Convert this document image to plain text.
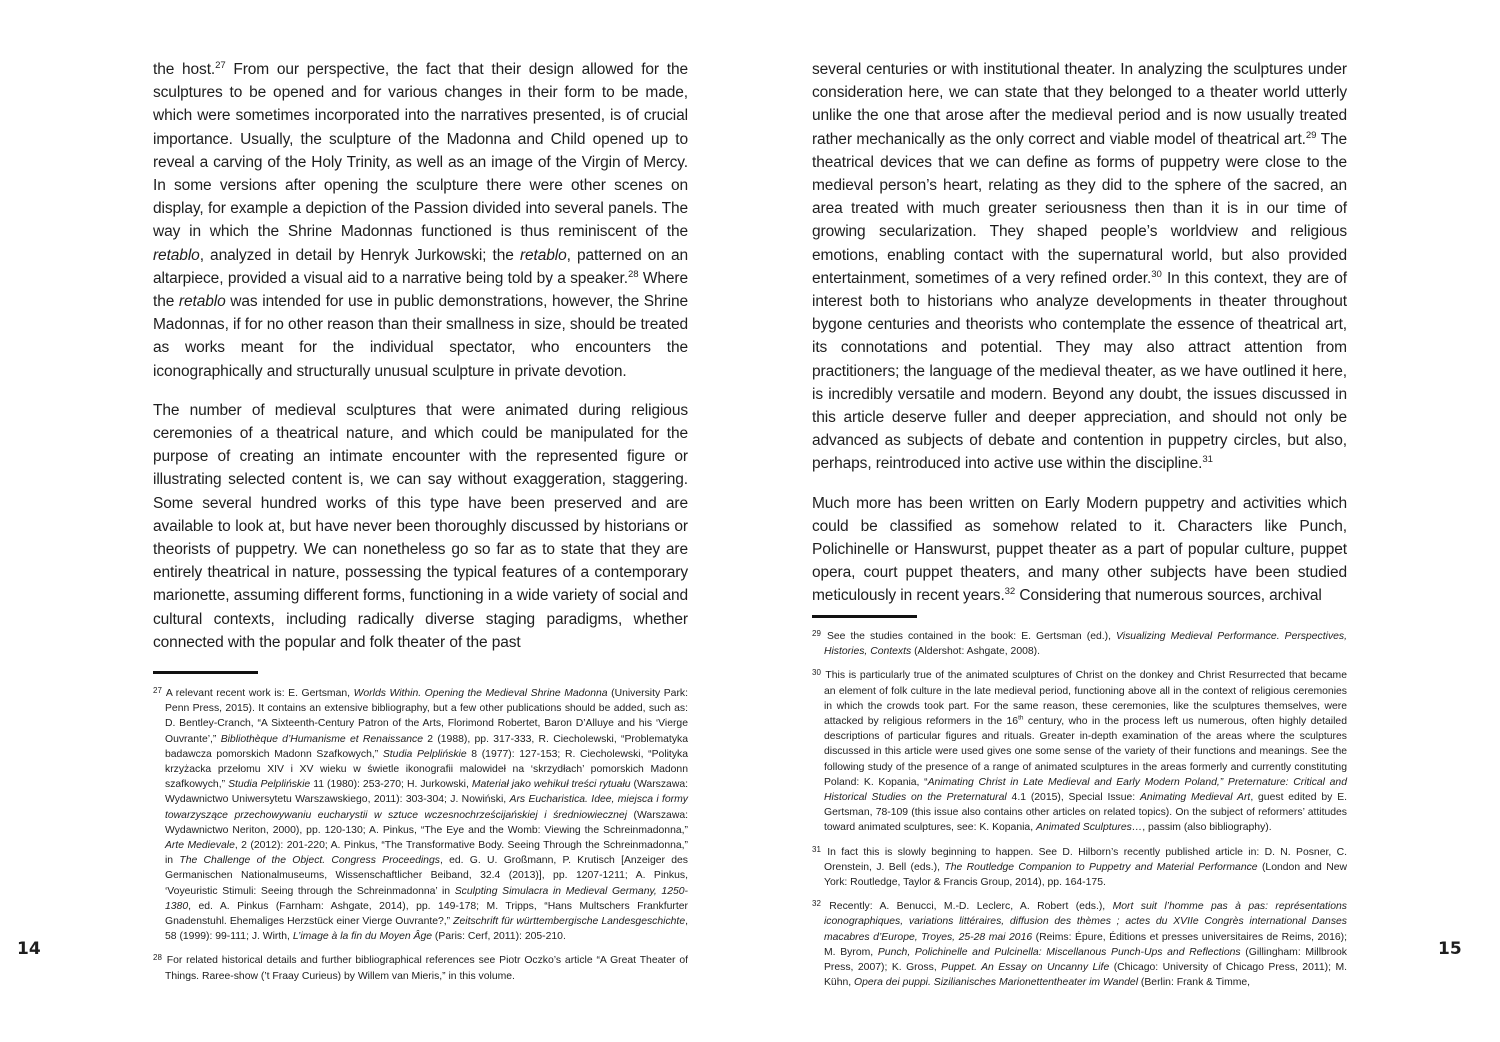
the host.$^{27}$ From our perspective, the fact that their design allowed for the sculptures to be opened and for various changes in their form to be made, which were sometimes incorporated into the narratives presented, is of crucial importance. Usually, the sculpture of the Madonna and Child opened up to reveal a carving of the Holy Trinity, as well as an image of the Virgin of Mercy. In some versions after opening the sculpture there were other scenes on display, for example a depiction of the Passion divided into several panels. The way in which the Shrine Madonnas functioned is thus reminiscent of the retablo, analyzed in detail by Henryk Jurkowski; the retablo, patterned on an altarpiece, provided a visual aid to a narrative being told by a speaker.$^{28}$ Where the retablo was intended for use in public demonstrations, however, the Shrine Madonnas, if for no other reason than their smallness in size, should be treated as works meant for the individual spectator, who encounters the iconographically and structurally unusual sculpture in private devotion.

The number of medieval sculptures that were animated during religious ceremonies of a theatrical nature, and which could be manipulated for the purpose of creating an intimate encounter with the represented figure or illustrating selected content is, we can say without exaggeration, staggering. Some several hundred works of this type have been preserved and are available to look at, but have never been thoroughly discussed by historians or theorists of puppetry. We can nonetheless go so far as to state that they are entirely theatrical in nature, possessing the typical features of a contemporary marionette, assuming different forms, functioning in a wide variety of social and cultural contexts, including radically diverse staging paradigms, whether connected with the popular and folk theater of the past

$^{27}$ A relevant recent work is: E. Gertsman, Worlds Within. Opening the Medieval Shrine Madonna (University Park: Penn Press, 2015). It contains an extensive bibliography, but a few other publications should be added, such as: D. Bentley-Cranch, “A Sixteenth-Century Patron of the Arts, Florimond Robertet, Baron D’Alluye and his ‘Vierge Ouvrante’,” Bibliothèque d’Humanisme et Renaissance 2 (1988), pp. 317-333, R. Ciecholewski, “Problematyka badawcza pomorskich Madonn Szafkowych,” Studia Pelplińskie 8 (1977): 127-153; R. Ciecholewski, “Polityka krzyżacka przełomu XIV i XV wieku w świetle ikonografii malowideł na ‘skrzydłach’ pomorskich Madonn szafkowych,” Studia Pelplińskie 11 (1980): 253-270; H. Jurkowski, Materiał jako wehikuł treści rytuału (Warszawa: Wydawnictwo Uniwersytetu Warszawskiego, 2011): 303-304; J. Nowiński, Ars Eucharistica. Idee, miejsca i formy towarzyszące przechowywaniu eucharystii w sztuce wczesnochrześcijańskiej i średniowiecznej (Warszawa: Wydawnictwo Neriton, 2000), pp. 120-130; A. Pinkus, “The Eye and the Womb: Viewing the Schreinmadonna,” Arte Medievale, 2 (2012): 201-220; A. Pinkus, “The Transformative Body. Seeing Through the Schreinmadonna,” in The Challenge of the Object. Congress Proceedings, ed. G. U. Großmann, P. Krutisch [Anzeiger des Germanischen Nationalmuseums, Wissenschaftlicher Beiband, 32.4 (2013)], pp. 1207-1211; A. Pinkus, ‘Voyeuristic Stimuli: Seeing through the Schreinmadonna’ in Sculpting Simulacra in Medieval Germany, 1250-1380, ed. A. Pinkus (Farnham: Ashgate, 2014), pp. 149-178; M. Tripps, “Hans Multschers Frankfurter Gnadenstuhl. Ehemaliges Herzstück einer Vierge Ouvrante?,” Zeitschrift für württembergische Landesgeschichte, 58 (1999): 99-111; J. Wirth, L’image à la fin du Moyen Âge (Paris: Cerf, 2011): 205-210.

$^{28}$ For related historical details and further bibliographical references see Piotr Oczko’s article “A Great Theater of Things. Raree-show (’t Fraay Curieus) by Willem van Mieris,” in this volume.

several centuries or with institutional theater. In analyzing the sculptures under consideration here, we can state that they belonged to a theater world utterly unlike the one that arose after the medieval period and is now usually treated rather mechanically as the only correct and viable model of theatrical art.$^{29}$ The theatrical devices that we can define as forms of puppetry were close to the medieval person’s heart, relating as they did to the sphere of the sacred, an area treated with much greater seriousness then than it is in our time of growing secularization. They shaped people’s worldview and religious emotions, enabling contact with the supernatural world, but also provided entertainment, sometimes of a very refined order.$^{30}$ In this context, they are of interest both to historians who analyze developments in theater throughout bygone centuries and theorists who contemplate the essence of theatrical art, its connotations and potential. They may also attract attention from practitioners; the language of the medieval theater, as we have outlined it here, is incredibly versatile and modern. Beyond any doubt, the issues discussed in this article deserve fuller and deeper appreciation, and should not only be advanced as subjects of debate and contention in puppetry circles, but also, perhaps, reintroduced into active use within the discipline.$^{31}$

Much more has been written on Early Modern puppetry and activities which could be classified as somehow related to it. Characters like Punch, Polichinelle or Hanswurst, puppet theater as a part of popular culture, puppet opera, court puppet theaters, and many other subjects have been studied meticulously in recent years.$^{32}$ Considering that numerous sources, archival

$^{29}$ See the studies contained in the book: E. Gertsman (ed.), Visualizing Medieval Performance. Perspectives, Histories, Contexts (Aldershot: Ashgate, 2008).

$^{30}$ This is particularly true of the animated sculptures of Christ on the donkey and Christ Resurrected that became an element of folk culture in the late medieval period, functioning above all in the context of religious ceremonies in which the crowds took part. For the same reason, these ceremonies, like the sculptures themselves, were attacked by religious reformers in the 16th century, who in the process left us numerous, often highly detailed descriptions of particular figures and rituals. Greater in-depth examination of the areas where the sculptures discussed in this article were used gives one some sense of the variety of their functions and meanings. See the following study of the presence of a range of animated sculptures in the areas formerly and currently constituting Poland: K. Kopania, “Animating Christ in Late Medieval and Early Modern Poland,” Preternature: Critical and Historical Studies on the Preternatural 4.1 (2015), Special Issue: Animating Medieval Art, guest edited by E. Gertsman, 78-109 (this issue also contains other articles on related topics). On the subject of reformers’ attitudes toward animated sculptures, see: K. Kopania, Animated Sculptures…, passim (also bibliography).

$^{31}$ In fact this is slowly beginning to happen. See D. Hilborn’s recently published article in: D. N. Posner, C. Orenstein, J. Bell (eds.), The Routledge Companion to Puppetry and Material Performance (London and New York: Routledge, Taylor & Francis Group, 2014), pp. 164-175.

$^{32}$ Recently: A. Benucci, M.-D. Leclerc, A. Robert (eds.), Mort suit l’homme pas à pas: représentations iconographiques, variations littéraires, diffusion des thèmes ; actes du XVIIe Congrès international Danses macabres d’Europe, Troyes, 25-28 mai 2016 (Reims: Épure, Éditions et presses universitaires de Reims, 2016); M. Byrom, Punch, Polichinelle and Pulcinella: Miscellanous Punch-Ups and Reflections (Gillingham: Millbrook Press, 2007); K. Gross, Puppet. An Essay on Uncanny Life (Chicago: University of Chicago Press, 2011); M. Kühn, Opera dei puppi. Sizilianisches Marionettentheater im Wandel (Berlin: Frank & Timme,

14	15
